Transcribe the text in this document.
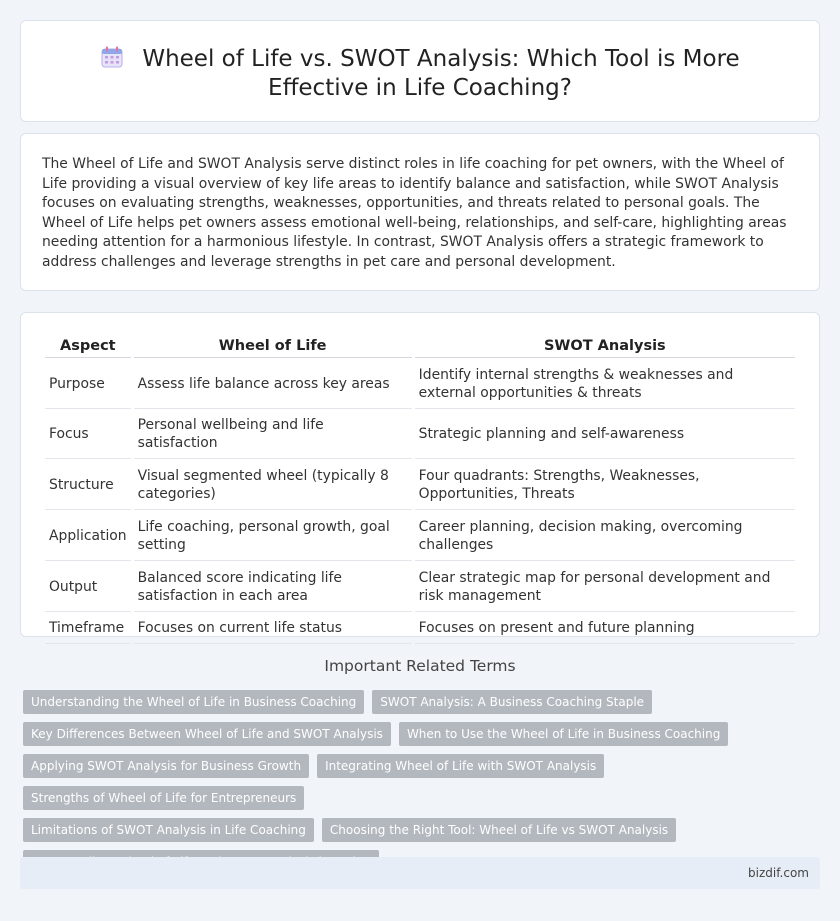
Wheel of Life vs. SWOT Analysis: Which Tool is More Effective in Life Coaching?

The Wheel of Life and SWOT Analysis serve distinct roles in life coaching for pet owners, with the Wheel of Life providing a visual overview of key life areas to identify balance and satisfaction, while SWOT Analysis focuses on evaluating strengths, weaknesses, opportunities, and threats related to personal goals. The Wheel of Life helps pet owners assess emotional well-being, relationships, and self-care, highlighting areas needing attention for a harmonious lifestyle. In contrast, SWOT Analysis offers a strategic framework to address challenges and leverage strengths in pet care and personal development.

Aspect	Wheel of Life	SWOT Analysis
Purpose	Assess life balance across key areas	Identify internal strengths & weaknesses and external opportunities & threats
Focus	Personal wellbeing and life satisfaction	Strategic planning and self-awareness
Structure	Visual segmented wheel (typically 8 categories)	Four quadrants: Strengths, Weaknesses, Opportunities, Threats
Application	Life coaching, personal growth, goal setting	Career planning, decision making, overcoming challenges
Output	Balanced score indicating life satisfaction in each area	Clear strategic map for personal development and risk management
Timeframe	Focuses on current life status	Focuses on present and future planning
Important Related Terms
Understanding the Wheel of Life in Business Coaching	SWOT Analysis: A Business Coaching Staple
Key Differences Between Wheel of Life and SWOT Analysis	When to Use the Wheel of Life in Business Coaching
Applying SWOT Analysis for Business Growth	Integrating Wheel of Life with SWOT Analysis
Strengths of Wheel of Life for Entrepreneurs
Limitations of SWOT Analysis in Life Coaching	Choosing the Right Tool: Wheel of Life vs SWOT Analysis
bizdif.com
